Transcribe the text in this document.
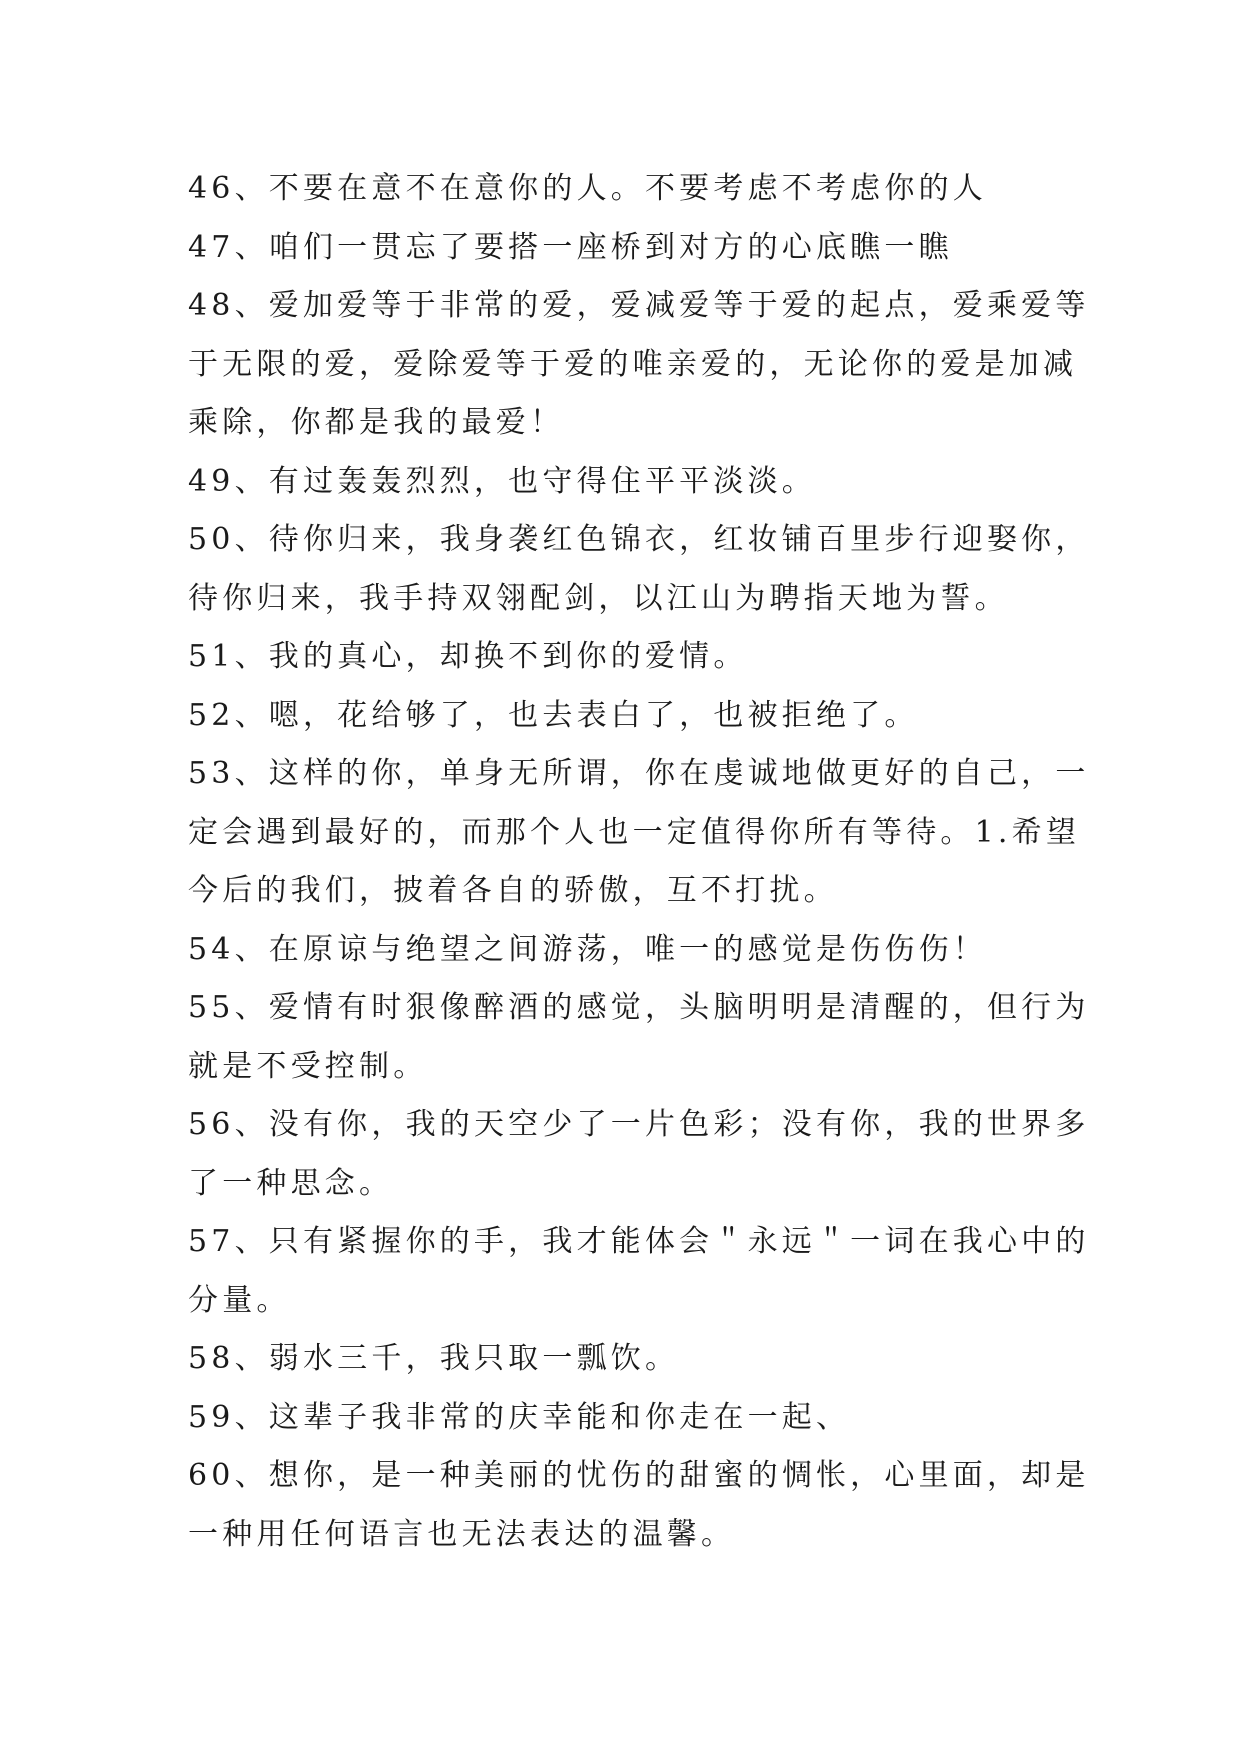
46、不要在意不在意你的人。不要考虑不考虑你的人
47、咱们一贯忘了要搭一座桥到对方的心底瞧一瞧
48、爱加爱等于非常的爱，爱减爱等于爱的起点，爱乘爱等
于无限的爱，爱除爱等于爱的唯亲爱的，无论你的爱是加减
乘除，你都是我的最爱！
49、有过轰轰烈烈，也守得住平平淡淡。
50、待你归来，我身袭红色锦衣，红妆铺百里步行迎娶你，
待你归来，我手持双翎配剑，以江山为聘指天地为誓。
51、我的真心，却换不到你的爱情。
52、嗯，花给够了，也去表白了，也被拒绝了。
53、这样的你，单身无所谓，你在虔诚地做更好的自己，一
定会遇到最好的，而那个人也一定值得你所有等待。1.希望
今后的我们，披着各自的骄傲，互不打扰。
54、在原谅与绝望之间游荡，唯一的感觉是伤伤伤！
55、爱情有时狠像醉酒的感觉，头脑明明是清醒的，但行为
就是不受控制。
56、没有你，我的天空少了一片色彩；没有你，我的世界多
了一种思念。
57、只有紧握你的手，我才能体会＂永远＂一词在我心中的
分量。
58、弱水三千，我只取一瓢饮。
59、这辈子我非常的庆幸能和你走在一起、
60、想你，是一种美丽的忧伤的甜蜜的惆怅，心里面，却是
一种用任何语言也无法表达的温馨。
